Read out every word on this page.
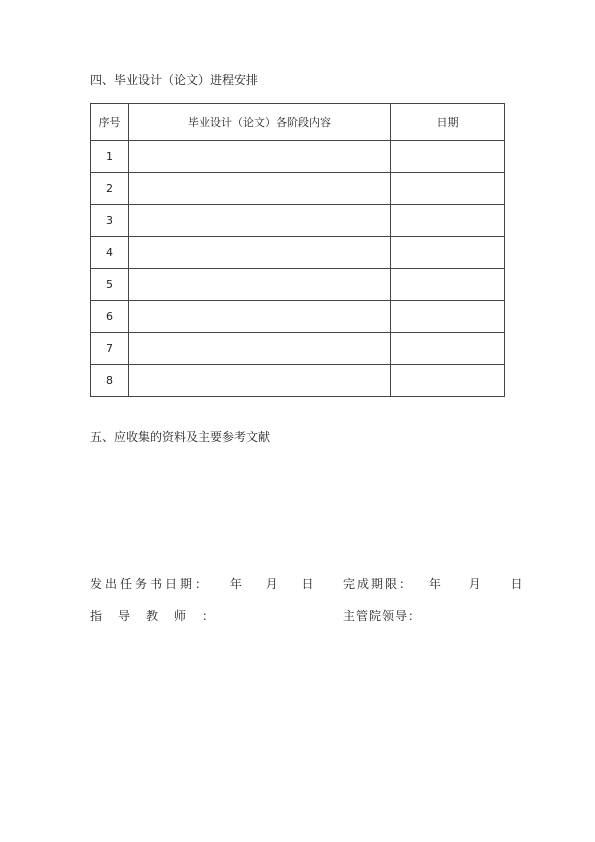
四、毕业设计（论文）进程安排
序号	毕业设计（论文）各阶段内容	日期
1		
2		
3		
4		
5		
6		
7		
8		
五、应收集的资料及主要参考文献
发出任务书日期： 年 月 日 完成期限： 年 月 日
指导教师：	主管院领导：
